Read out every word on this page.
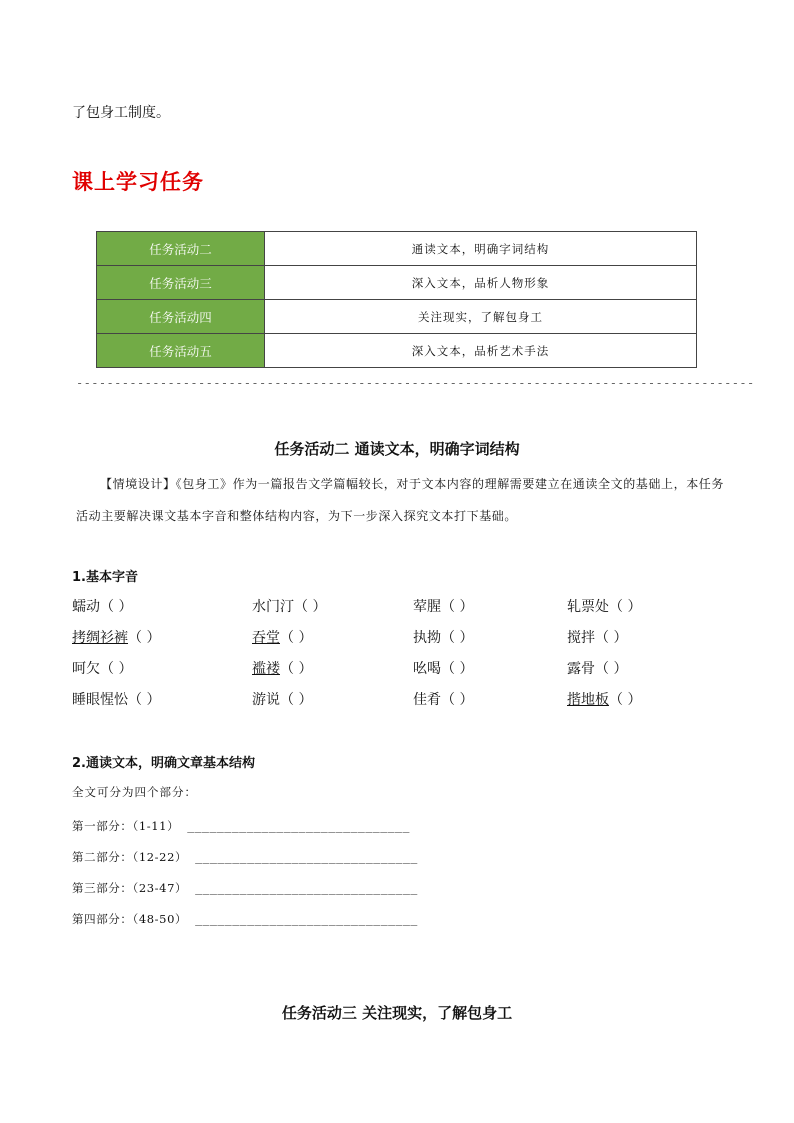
了包身工制度。
课上学习任务
任务活动二	通读文本，明确字词结构
任务活动三	深入文本，品析人物形象
任务活动四	关注现实，了解包身工
任务活动五	深入文本，品析艺术手法
-----------------------------------------------------------------------------------------
任务活动二 通读文本，明确字词结构
【情境设计】《包身工》作为一篇报告文学篇幅较长，对于文本内容的理解需要建立在通读全文的基础上，本任务活动主要解决课文基本字音和整体结构内容，为下一步深入探究文本打下基础。
1.基本字音
蠕动（ ）	水门汀（ ）	荤腥（ ）	轧票处（ ）
拷绸衫裤（ ）	吞堂（ ）	执拗（ ）	搅拌（ ）
呵欠（ ）	褴褛（ ）	吆喝（ ）	露骨（ ）
睡眼惺忪（ ）	游说（ ）	佳肴（ ）	揩地板（ ）
2.通读文本，明确文章基本结构
全文可分为四个部分：
第一部分：（1-11） ______________________________
第二部分：（12-22） ______________________________
第三部分：（23-47） ______________________________
第四部分：（48-50） ______________________________
任务活动三 关注现实，了解包身工
